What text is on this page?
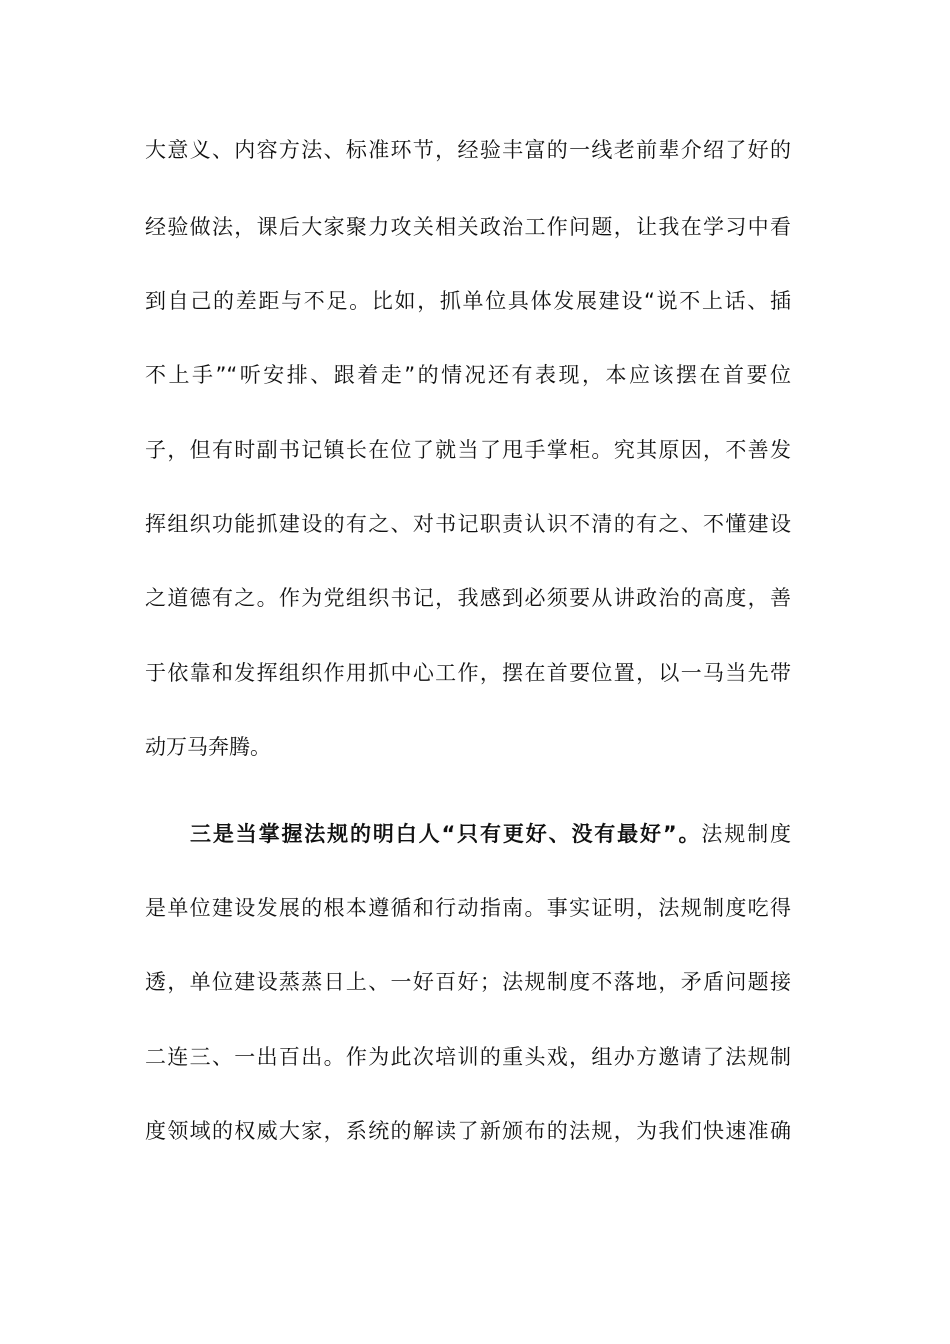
大意义、内容方法、标准环节，经验丰富的一线老前辈介绍了好的
经验做法，课后大家聚力攻关相关政治工作问题，让我在学习中看
到自己的差距与不足。比如，抓单位具体发展建设“说不上话、插
不上手”“听安排、跟着走”的情况还有表现，本应该摆在首要位
子，但有时副书记镇长在位了就当了甩手掌柜。究其原因，不善发
挥组织功能抓建设的有之、对书记职责认识不清的有之、不懂建设
之道德有之。作为党组织书记，我感到必须要从讲政治的高度，善
于依靠和发挥组织作用抓中心工作，摆在首要位置，以一马当先带
动万马奔腾。
三是当掌握法规的明白人“只有更好、没有最好”。法规制度
是单位建设发展的根本遵循和行动指南。事实证明，法规制度吃得
透，单位建设蒸蒸日上、一好百好；法规制度不落地，矛盾问题接
二连三、一出百出。作为此次培训的重头戏，组办方邀请了法规制
度领域的权威大家，系统的解读了新颁布的法规，为我们快速准确
